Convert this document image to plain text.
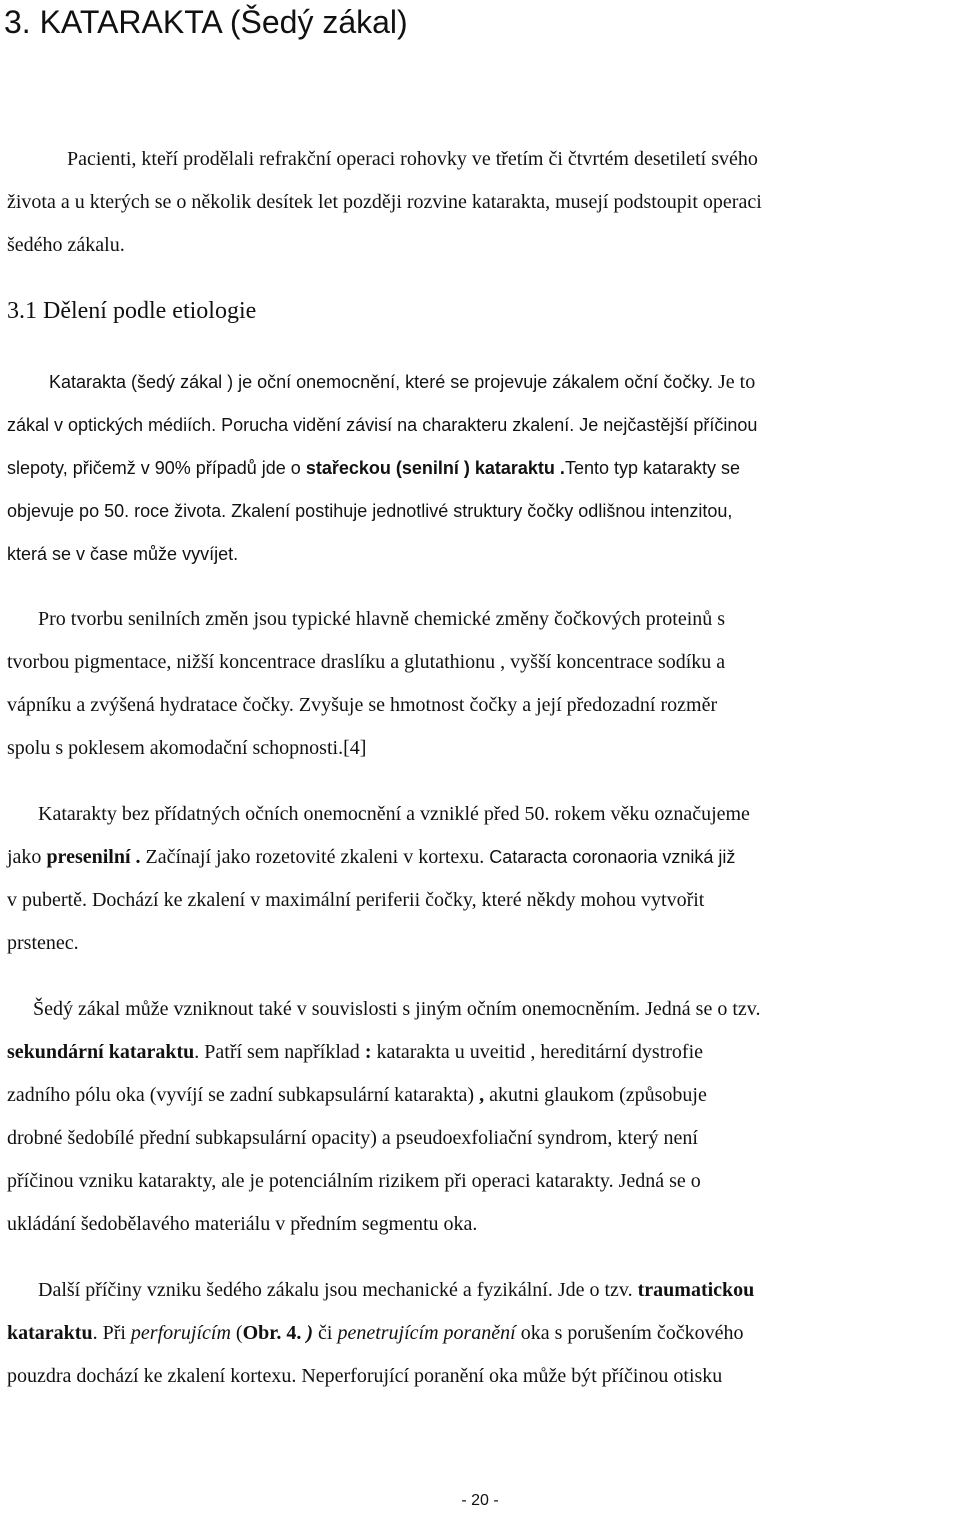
3. KATARAKTA (Šedý zákal)
Pacienti, kteří prodělali refrakční operaci rohovky ve třetím či čtvrtém desetiletí svého
života a u kterých se o několik desítek let později rozvine katarakta, musejí podstoupit operaci
šedého zákalu.
3.1 Dělení podle etiologie
Katarakta (šedý zákal ) je oční onemocnění, které se projevuje zákalem oční čočky. Je to
zákal v optických médiích. Porucha vidění závisí na charakteru zkalení. Je nejčastější příčinou
slepoty, přičemž v 90% případů jde o stařeckou (senilní ) kataraktu .Tento typ katarakty se
objevuje po 50. roce života. Zkalení postihuje jednotlivé struktury čočky odlišnou intenzitou,
která se v čase může vyvíjet.
Pro tvorbu senilních změn jsou typické hlavně chemické změny čočkových proteinů s
tvorbou pigmentace, nižší koncentrace draslíku a glutathionu , vyšší koncentrace sodíku a
vápníku a zvýšená hydratace čočky. Zvyšuje se hmotnost čočky a její předozadní rozměr
spolu s poklesem akomodační schopnosti.[4]
Katarakty bez přídatných očních onemocnění a vzniklé před 50. rokem věku označujeme
jako presenilní . Začínají jako rozetovité zkaleni v kortexu. Cataracta coronaoria vzniká již
v pubertě. Dochází ke zkalení v maximální periferii čočky, které někdy mohou vytvořit
prstenec.
Šedý zákal může vzniknout také v souvislosti s jiným očním onemocněním. Jedná se o tzv.
sekundární kataraktu. Patří sem například : katarakta u uveitid , hereditární dystrofie
zadního pólu oka (vyvíjí se zadní subkapsulární katarakta) , akutni glaukom (způsobuje
drobné šedobílé přední subkapsulární opacity) a pseudoexfoliační syndrom, který není
příčinou vzniku katarakty, ale je potenciálním rizikem při operaci katarakty. Jedná se o
ukládání šedobělavého materiálu v předním segmentu oka.
Další příčiny vzniku šedého zákalu jsou mechanické a fyzikální. Jde o tzv. traumatickou
kataraktu. Při perforujícím (Obr. 4. ) či penetrujícím poranění oka s porušením čočkového
pouzdra dochází ke zkalení kortexu. Neperforující poranění oka může být příčinou otisku
- 20 -
